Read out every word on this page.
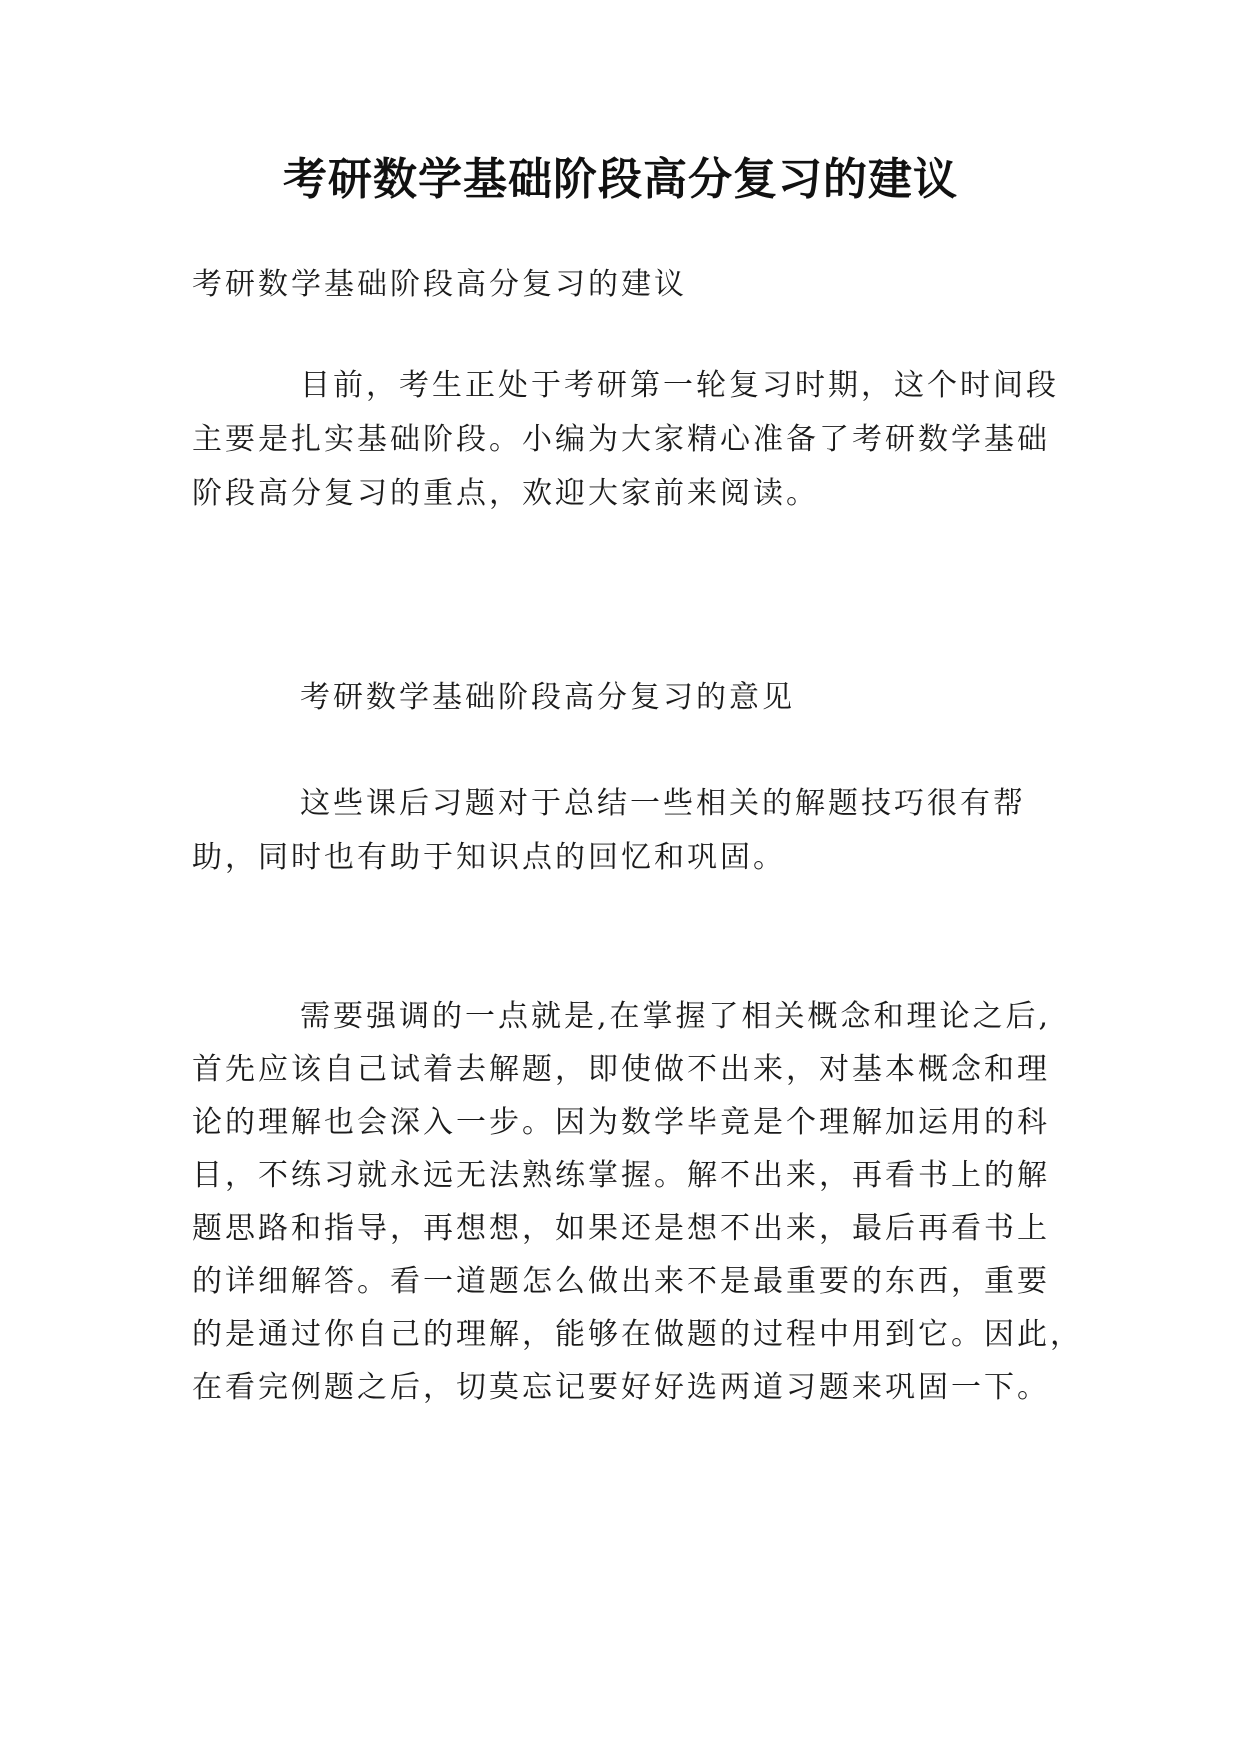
考研数学基础阶段高分复习的建议
考研数学基础阶段高分复习的建议
目前，考生正处于考研第一轮复习时期，这个时间段
主要是扎实基础阶段。小编为大家精心准备了考研数学基础
阶段高分复习的重点，欢迎大家前来阅读。
考研数学基础阶段高分复习的意见
这些课后习题对于总结一些相关的解题技巧很有帮
助，同时也有助于知识点的回忆和巩固。
需要强调的一点就是,在掌握了相关概念和理论之后,
首先应该自己试着去解题，即使做不出来，对基本概念和理
论的理解也会深入一步。因为数学毕竟是个理解加运用的科
目，不练习就永远无法熟练掌握。解不出来，再看书上的解
题思路和指导，再想想，如果还是想不出来，最后再看书上
的详细解答。看一道题怎么做出来不是最重要的东西，重要
的是通过你自己的理解，能够在做题的过程中用到它。因此，
在看完例题之后，切莫忘记要好好选两道习题来巩固一下。
